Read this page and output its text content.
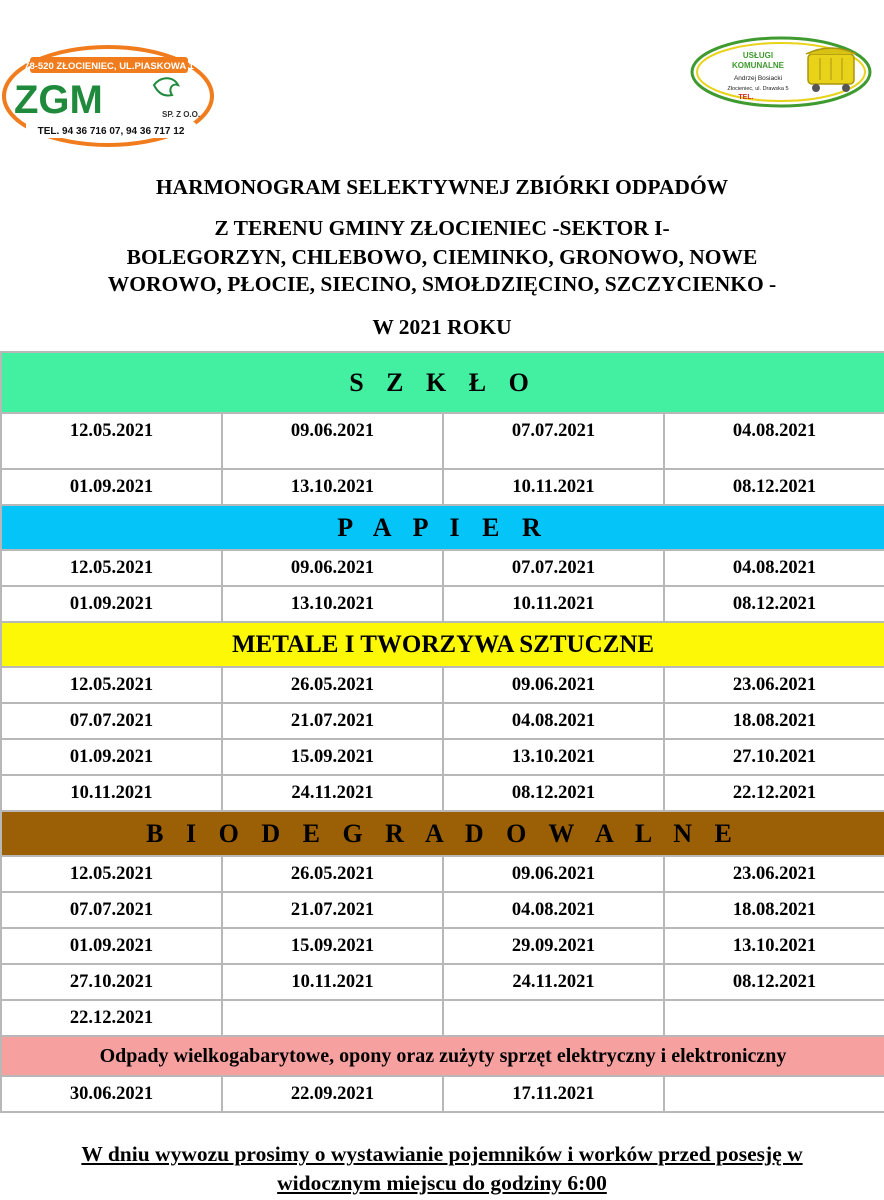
78-520 ZŁOCIENIEC, UL.PIASKOWA 1
ZGM	SP. Z O.O.
TEL. 94 36 716 07, 94 36 717 12
USŁUGI
KOMUNALNE
Andrzej Bosiacki
Złocieniec, ul. Drawska 5
TEL.
HARMONOGRAM SELEKTYWNEJ ZBIÓRKI ODPADÓW
Z TERENU GMINY ZŁOCIENIEC -SEKTOR I-
BOLEGORZYN, CHLEBOWO, CIEMINKO, GRONOWO, NOWE
WOROWO, PŁOCIE, SIECINO, SMOŁDZIĘCINO, SZCZYCIENKO -
W 2021 ROKU
S Z K Ł O			
12.05.2021	09.06.2021	07.07.2021	04.08.2021
01.09.2021	13.10.2021	10.11.2021	08.12.2021
P A P I E R			
12.05.2021	09.06.2021	07.07.2021	04.08.2021
01.09.2021	13.10.2021	10.11.2021	08.12.2021
METALE I TWORZYWA SZTUCZNE			
12.05.2021	26.05.2021	09.06.2021	23.06.2021
07.07.2021	21.07.2021	04.08.2021	18.08.2021
01.09.2021	15.09.2021	13.10.2021	27.10.2021
10.11.2021	24.11.2021	08.12.2021	22.12.2021
B I O D E G R A D O W A L N E			
12.05.2021	26.05.2021	09.06.2021	23.06.2021
07.07.2021	21.07.2021	04.08.2021	18.08.2021
01.09.2021	15.09.2021	29.09.2021	13.10.2021
27.10.2021	10.11.2021	24.11.2021	08.12.2021
22.12.2021			
Odpady wielkogabarytowe, opony oraz zużyty sprzęt elektryczny i elektroniczny			
30.06.2021	22.09.2021	17.11.2021	
W dniu wywozu prosimy o wystawianie pojemników i worków przed posesję w
widocznym miejscu do godziny 6:00
